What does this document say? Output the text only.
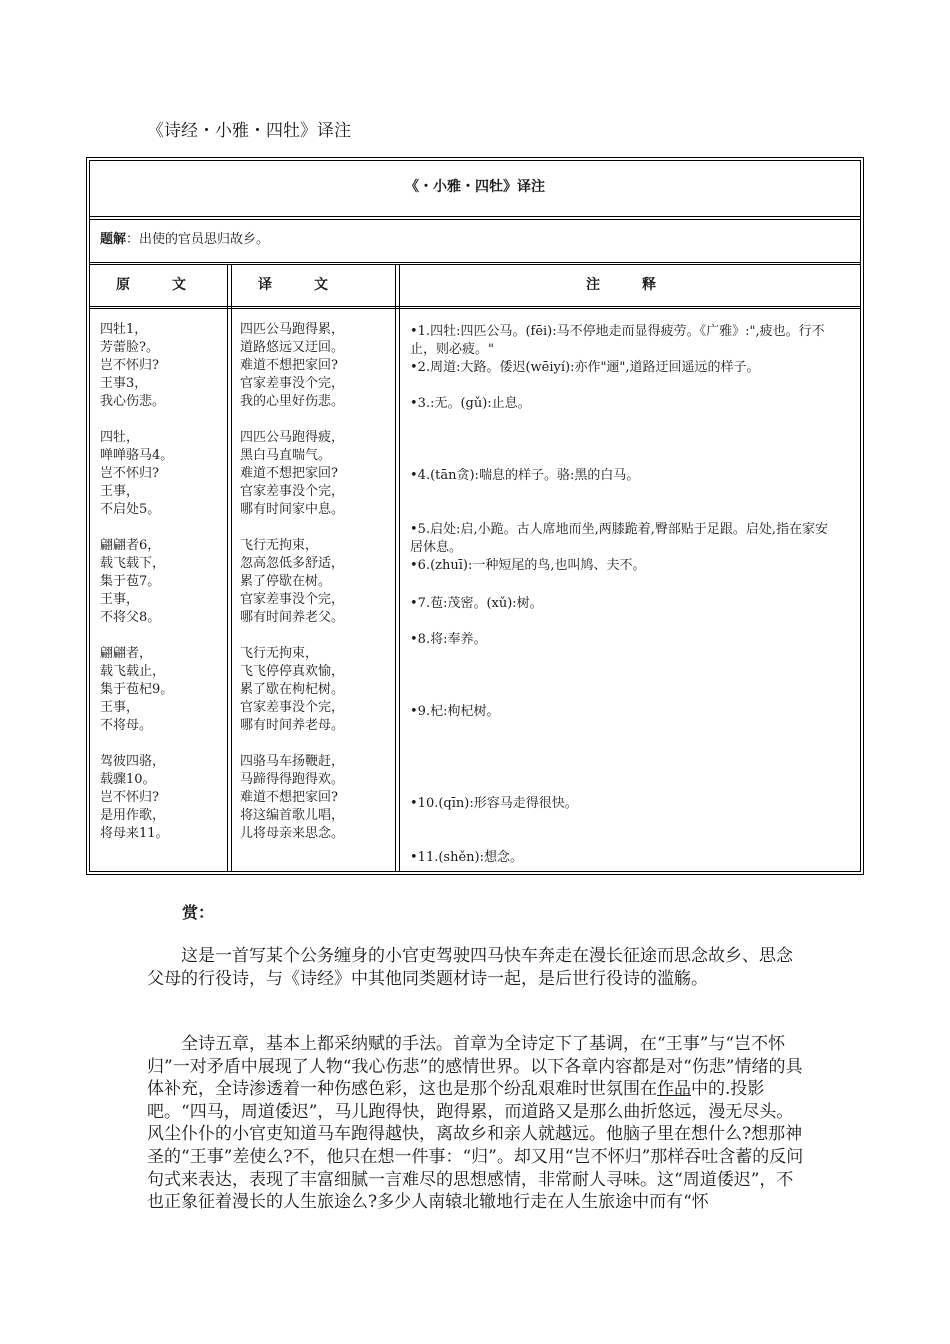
《诗经・小雅・四牡》译注
《・小雅・四牡》译注
题解：出使的官员思归故乡。
原　　　文	译　　　文	注　　　释
四牡1，
芳蕾脸?。
岂不怀归?
王事3，
我心伤悲。
四牡，
啴啴骆马4。
岂不怀归?
王事，
不启处5。
翩翩者6，
载飞载下，
集于苞7。
王事，
不将父8。
翩翩者，
载飞载止，
集于苞杞9。
王事，
不将母。
驾彼四骆，
载骤10。
岂不怀归?
是用作歌，
将母来11。
四匹公马跑得累，
道路悠远又迂回。
难道不想把家回?
官家差事没个完，
我的心里好伤悲。
四匹公马跑得疲，
黑白马直喘气。
难道不想把家回?
官家差事没个完，
哪有时间家中息。
飞行无拘束，
忽高忽低多舒适，
累了停歇在树。
官家差事没个完，
哪有时间养老父。
飞行无拘束，
飞飞停停真欢愉，
累了歇在枸杞树。
官家差事没个完，
哪有时间养老母。
四骆马车扬鞭赶，
马蹄得得跑得欢。
难道不想把家回?
将这编首歌儿唱，
儿将母亲来思念。
•1.四牡:四匹公马。(fēi):马不停地走而显得疲劳。《广雅》:",疲也。行不止，则必疲。"
•2.周道:大路。倭迟(wēiyí):亦作"逦",道路迂回遥远的样子。
•3.:无。(gǔ):止息。
•4.(tān贪):喘息的样子。骆:黑的白马。
•5.启处:启,小跪。古人席地而坐,两膝跪着,臀部贴于足跟。启处,指在家安居休息。
•6.(zhuī):一种短尾的鸟,也叫鸠、夫不。
•7.苞:茂密。(xǔ):树。
•8.将:奉养。
•9.杞:枸杞树。
•10.(qīn):形容马走得很快。
•11.(shěn):想念。
赏：
这是一首写某个公务缠身的小官吏驾驶四马快车奔走在漫长征途而思念故乡、思念父母的行役诗，与《诗经》中其他同类题材诗一起，是后世行役诗的滥觞。
全诗五章，基本上都采纳赋的手法。首章为全诗定下了基调，在“王事”与“岂不怀归”一对矛盾中展现了人物“我心伤悲”的感情世界。以下各章内容都是对“伤悲”情绪的具体补充，全诗渗透着一种伤感色彩，这也是那个纷乱艰难时世氛围在作品中的.投影吧。“四马，周道倭迟”，马儿跑得快，跑得累，而道路又是那么曲折悠远，漫无尽头。风尘仆仆的小官吏知道马车跑得越快，离故乡和亲人就越远。他脑子里在想什么?想那神圣的“王事”差使么?不，他只在想一件事：“归”。却又用“岂不怀归”那样吞吐含蓄的反问句式来表达，表现了丰富细腻一言难尽的思想感情，非常耐人寻味。这“周道倭迟”，不也正象征着漫长的人生旅途么?多少人南辕北辙地行走在人生旅途中而有“怀
